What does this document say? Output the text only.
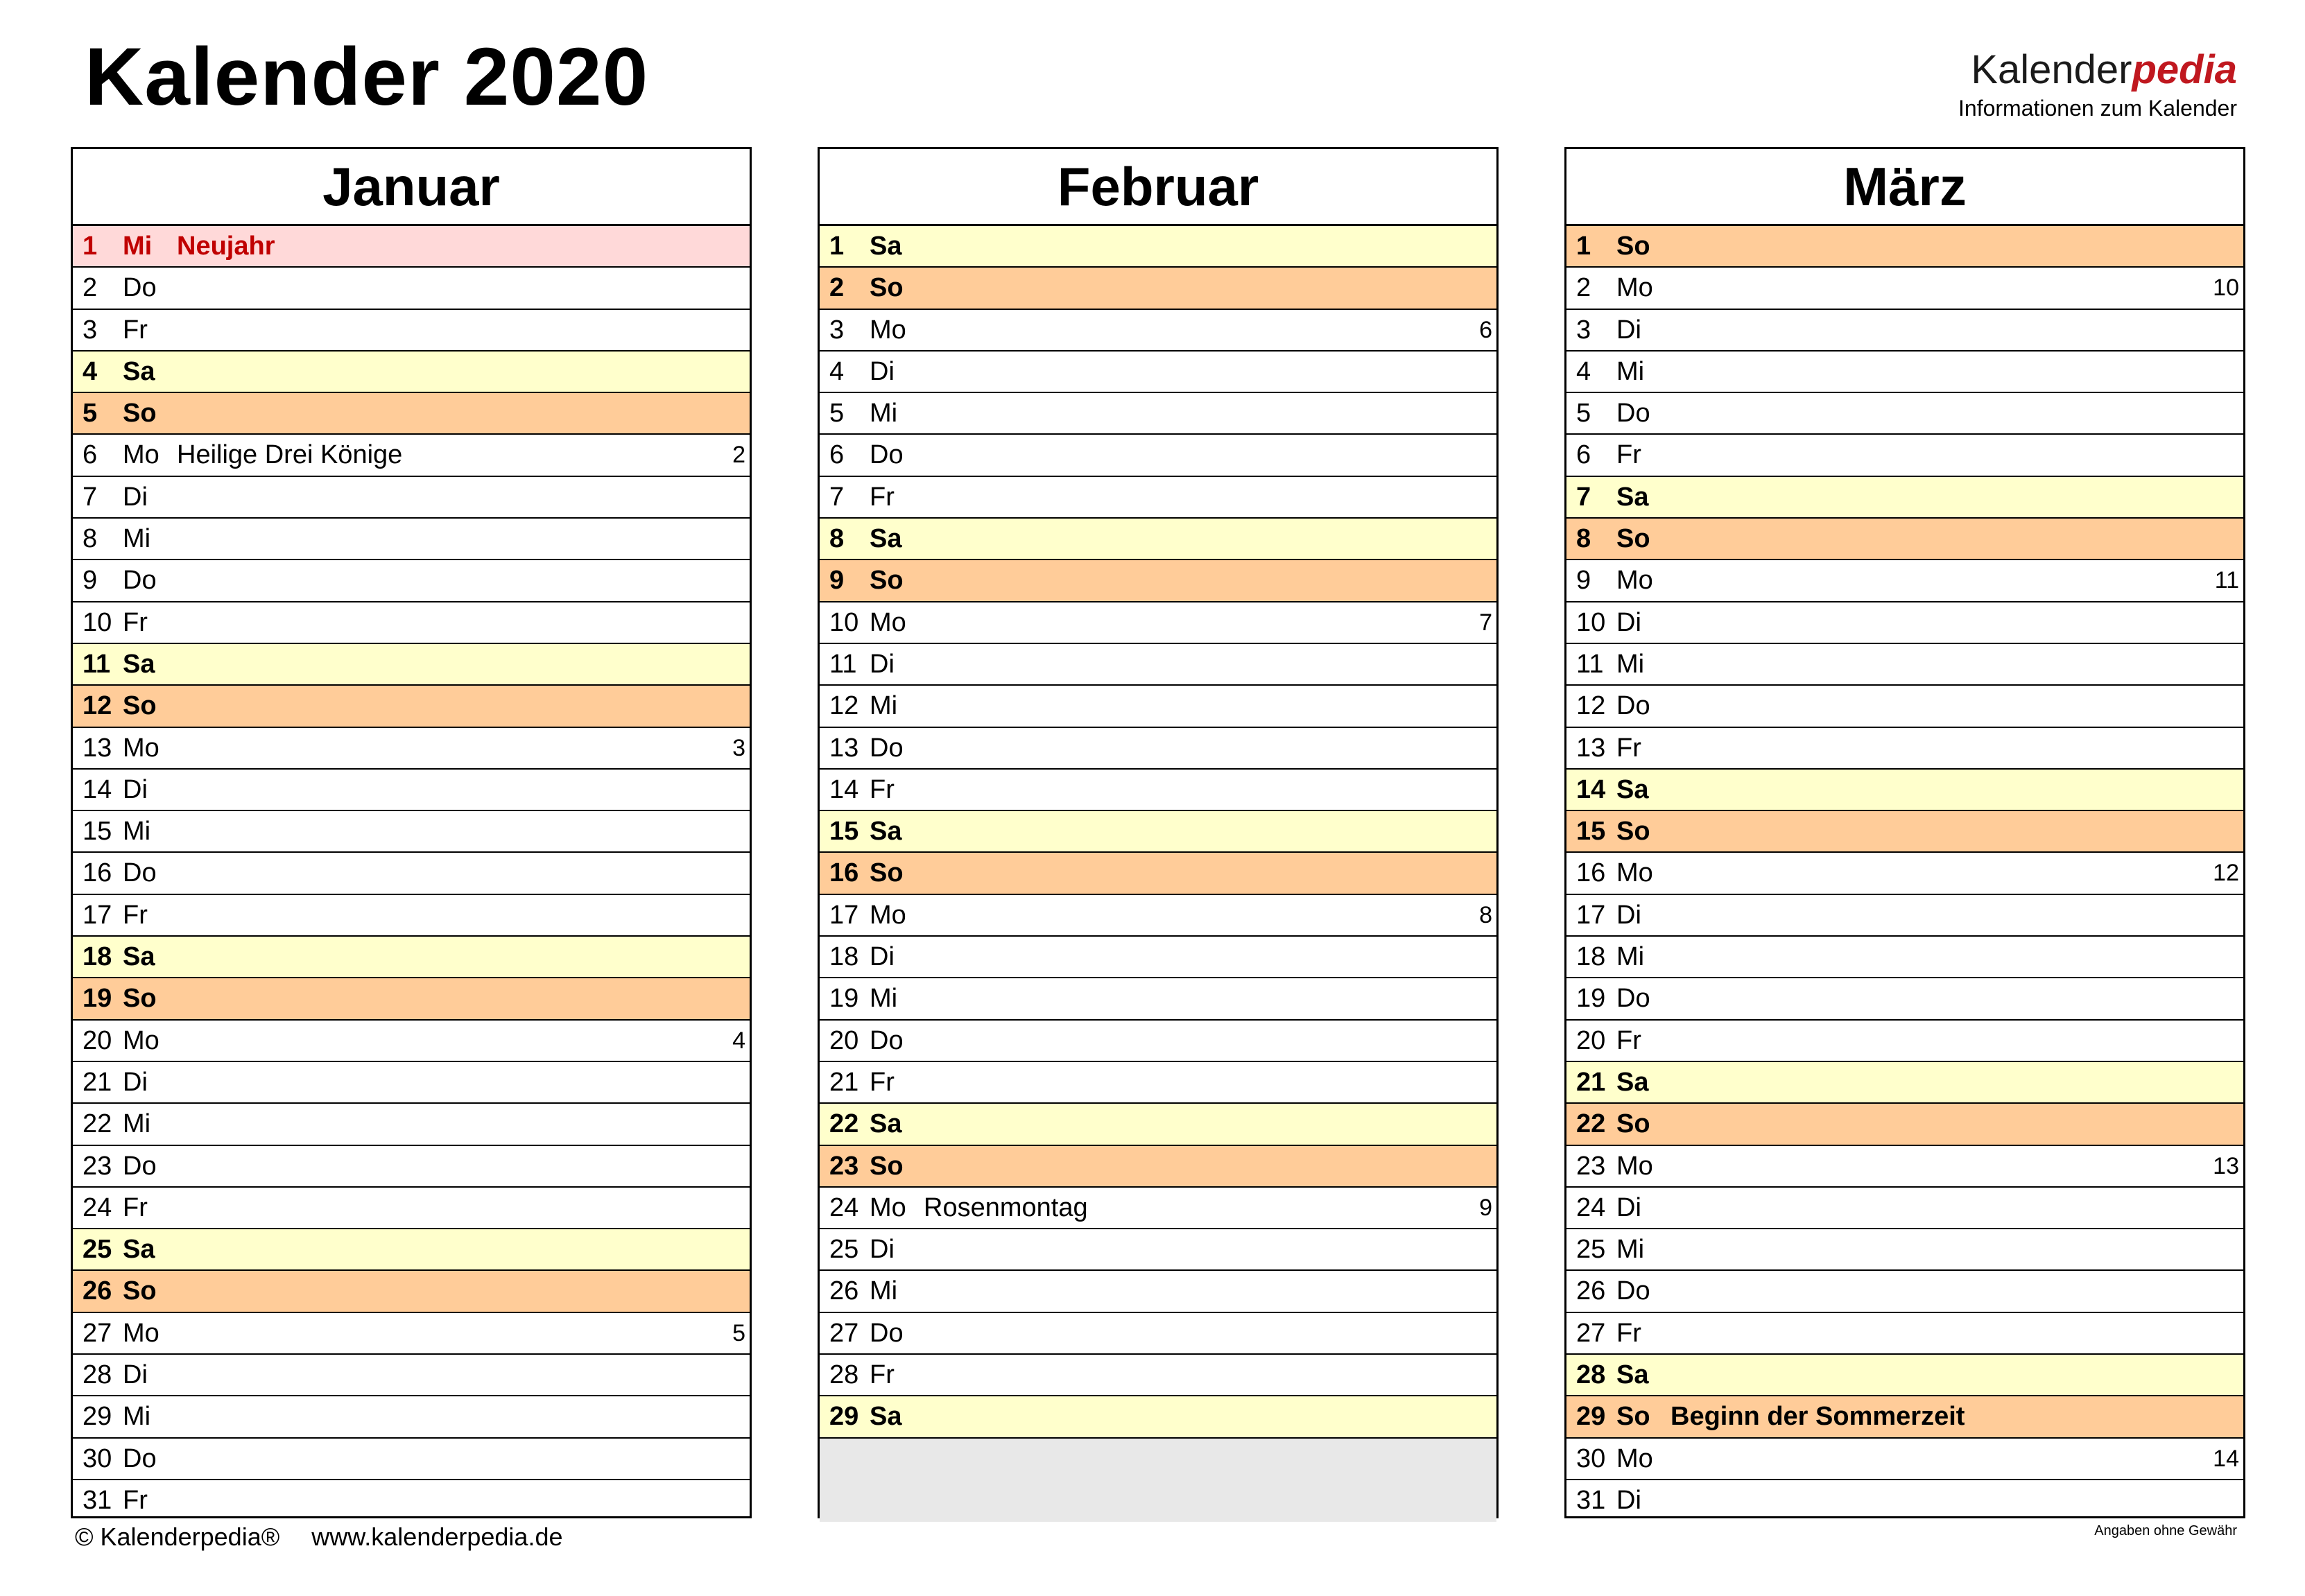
Kalender 2020	Kalenderpedia
Informationen zum Kalender
Januar
1 Mi Neujahr
2 Do
3 Fr
4 Sa
5 So
6 Mo Heilige Drei Könige	2
7 Di
8 Mi
9 Do
10 Fr
11 Sa
12 So
13 Mo	3
14 Di
15 Mi
16 Do
17 Fr
18 Sa
19 So
20 Mo	4
21 Di
22 Mi
23 Do
24 Fr
25 Sa
26 So
27 Mo	5
28 Di
29 Mi
30 Do
31 Fr
Februar
1 Sa
2 So
3 Mo	6
4 Di
5 Mi
6 Do
7 Fr
8 Sa
9 So
10 Mo	7
11 Di
12 Mi
13 Do
14 Fr
15 Sa
16 So
17 Mo	8
18 Di
19 Mi
20 Do
21 Fr
22 Sa
23 So
24 Mo Rosenmontag	9
25 Di
26 Mi
27 Do
28 Fr
29 Sa
März
1 So
2 Mo	10
3 Di
4 Mi
5 Do
6 Fr
7 Sa
8 So
9 Mo	11
10 Di
11 Mi
12 Do
13 Fr
14 Sa
15 So
16 Mo	12
17 Di
18 Mi
19 Do
20 Fr
21 Sa
22 So
23 Mo	13
24 Di
25 Mi
26 Do
27 Fr
28 Sa
29 So Beginn der Sommerzeit
30 Mo	14
31 Di
© Kalenderpedia® www.kalenderpedia.de	Angaben ohne Gewähr
